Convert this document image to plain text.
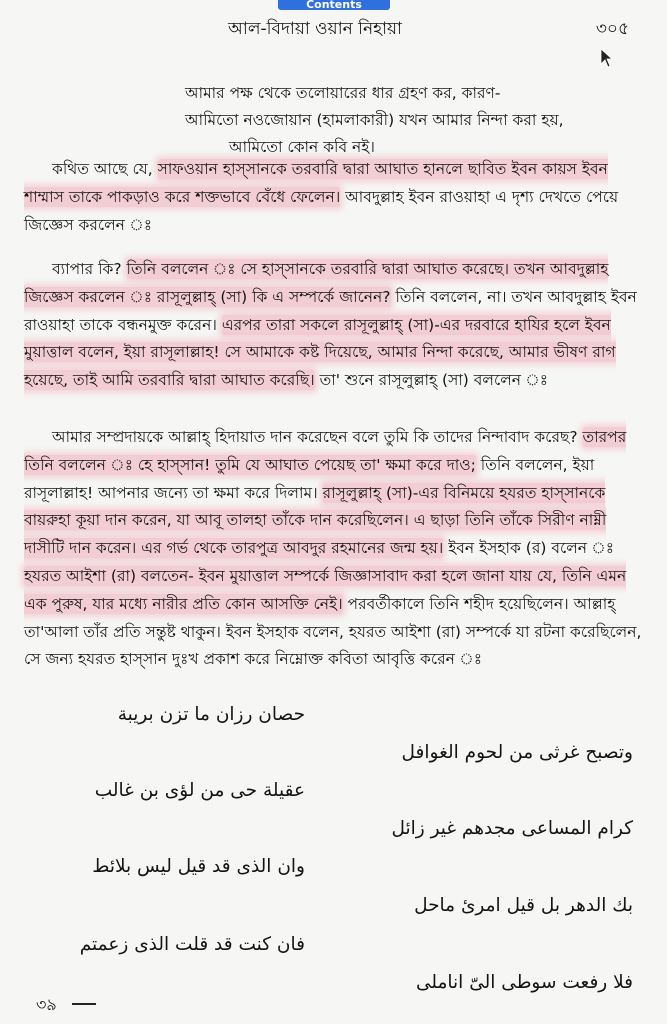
Contents
আল-বিদায়া ওয়ান নিহায়া	৩০৫
আমার পক্ষ থেকে তলোয়ারের ধার গ্রহণ কর, কারণ-
আমিতো নওজোয়ান (হামলাকারী) যখন আমার নিন্দা করা হয়,
আমিতো কোন কবি নই।
কথিত আছে যে, সাফওয়ান হাস্সানকে তরবারি দ্বারা আঘাত হানলে ছাবিত ইবন কায়স ইবন শাম্মাস তাকে পাকড়াও করে শক্তভাবে বেঁধে ফেলেন। আবদুল্লাহ ইবন রাওয়াহা এ দৃশ্য দেখতে পেয়ে জিজ্ঞেস করলেন ঃ
ব্যাপার কি? তিনি বললেন ঃ সে হাস্সানকে তরবারি দ্বারা আঘাত করেছে। তখন আবদুল্লাহ জিজ্ঞেস করলেন ঃ রাসূলুল্লাহ্ (সা) কি এ সম্পর্কে জানেন? তিনি বললেন, না। তখন আবদুল্লাহ ইবন রাওয়াহা তাকে বন্ধনমুক্ত করেন। এরপর তারা সকলে রাসূলুল্লাহ্ (সা)-এর দরবারে হাযির হলে ইবন মুয়াত্তাল বলেন, ইয়া রাসূলাল্লাহ! সে আমাকে কষ্ট দিয়েছে, আমার নিন্দা করেছে, আমার ভীষণ রাগ হয়েছে, তাই আমি তরবারি দ্বারা আঘাত করেছি। তা' শুনে রাসূলুল্লাহ্ (সা) বললেন ঃ
আমার সম্প্রদায়কে আল্লাহ্ হিদায়াত দান করেছেন বলে তুমি কি তাদের নিন্দাবাদ করেছ? তারপর তিনি বললেন ঃ হে হাস্সান! তুমি যে আঘাত পেয়েছ তা' ক্ষমা করে দাও; তিনি বললেন, ইয়া রাসূলাল্লাহ! আপনার জন্যে তা ক্ষমা করে দিলাম। রাসূলুল্লাহ্ (সা)-এর বিনিময়ে হযরত হাস্সানকে বায়রুহা কূয়া দান করেন, যা আবূ তালহা তাঁকে দান করেছিলেন। এ ছাড়া তিনি তাঁকে সিরীণ নাম্নী দাসীটি দান করেন। এর গর্ভ থেকে তারপুত্র আবদুর রহমানের জন্ম হয়। ইবন ইসহাক (র) বলেন ঃ হযরত আইশা (রা) বলতেন- ইবন মুয়াত্তাল সম্পর্কে জিজ্ঞাসাবাদ করা হলে জানা যায় যে, তিনি এমন এক পুরুষ, যার মধ্যে নারীর প্রতি কোন আসক্তি নেই। পরবর্তীকালে তিনি শহীদ হয়েছিলেন। আল্লাহ্ তা'আলা তাঁর প্রতি সন্তুষ্ট থাকুন। ইবন ইসহাক বলেন, হযরত আইশা (রা) সম্পর্কে যা রটনা করেছিলেন, সে জন্য হযরত হাস্সান দুঃখ প্রকাশ করে নিম্নোক্ত কবিতা আবৃত্তি করেন ঃ
حصان رزان ما تزن بريبة
وتصبح غرثى من لحوم الغوافل
عقيلة حى من لؤى بن غالب
كرام المساعى مجدهم غير زائل
وان الذى قد قيل ليس بلائط
بك الدهر بل قيل امرئ ماحل
فان كنت قد قلت الذى زعمتم
فلا رفعت سوطى الىّ اناملى
৩৯
